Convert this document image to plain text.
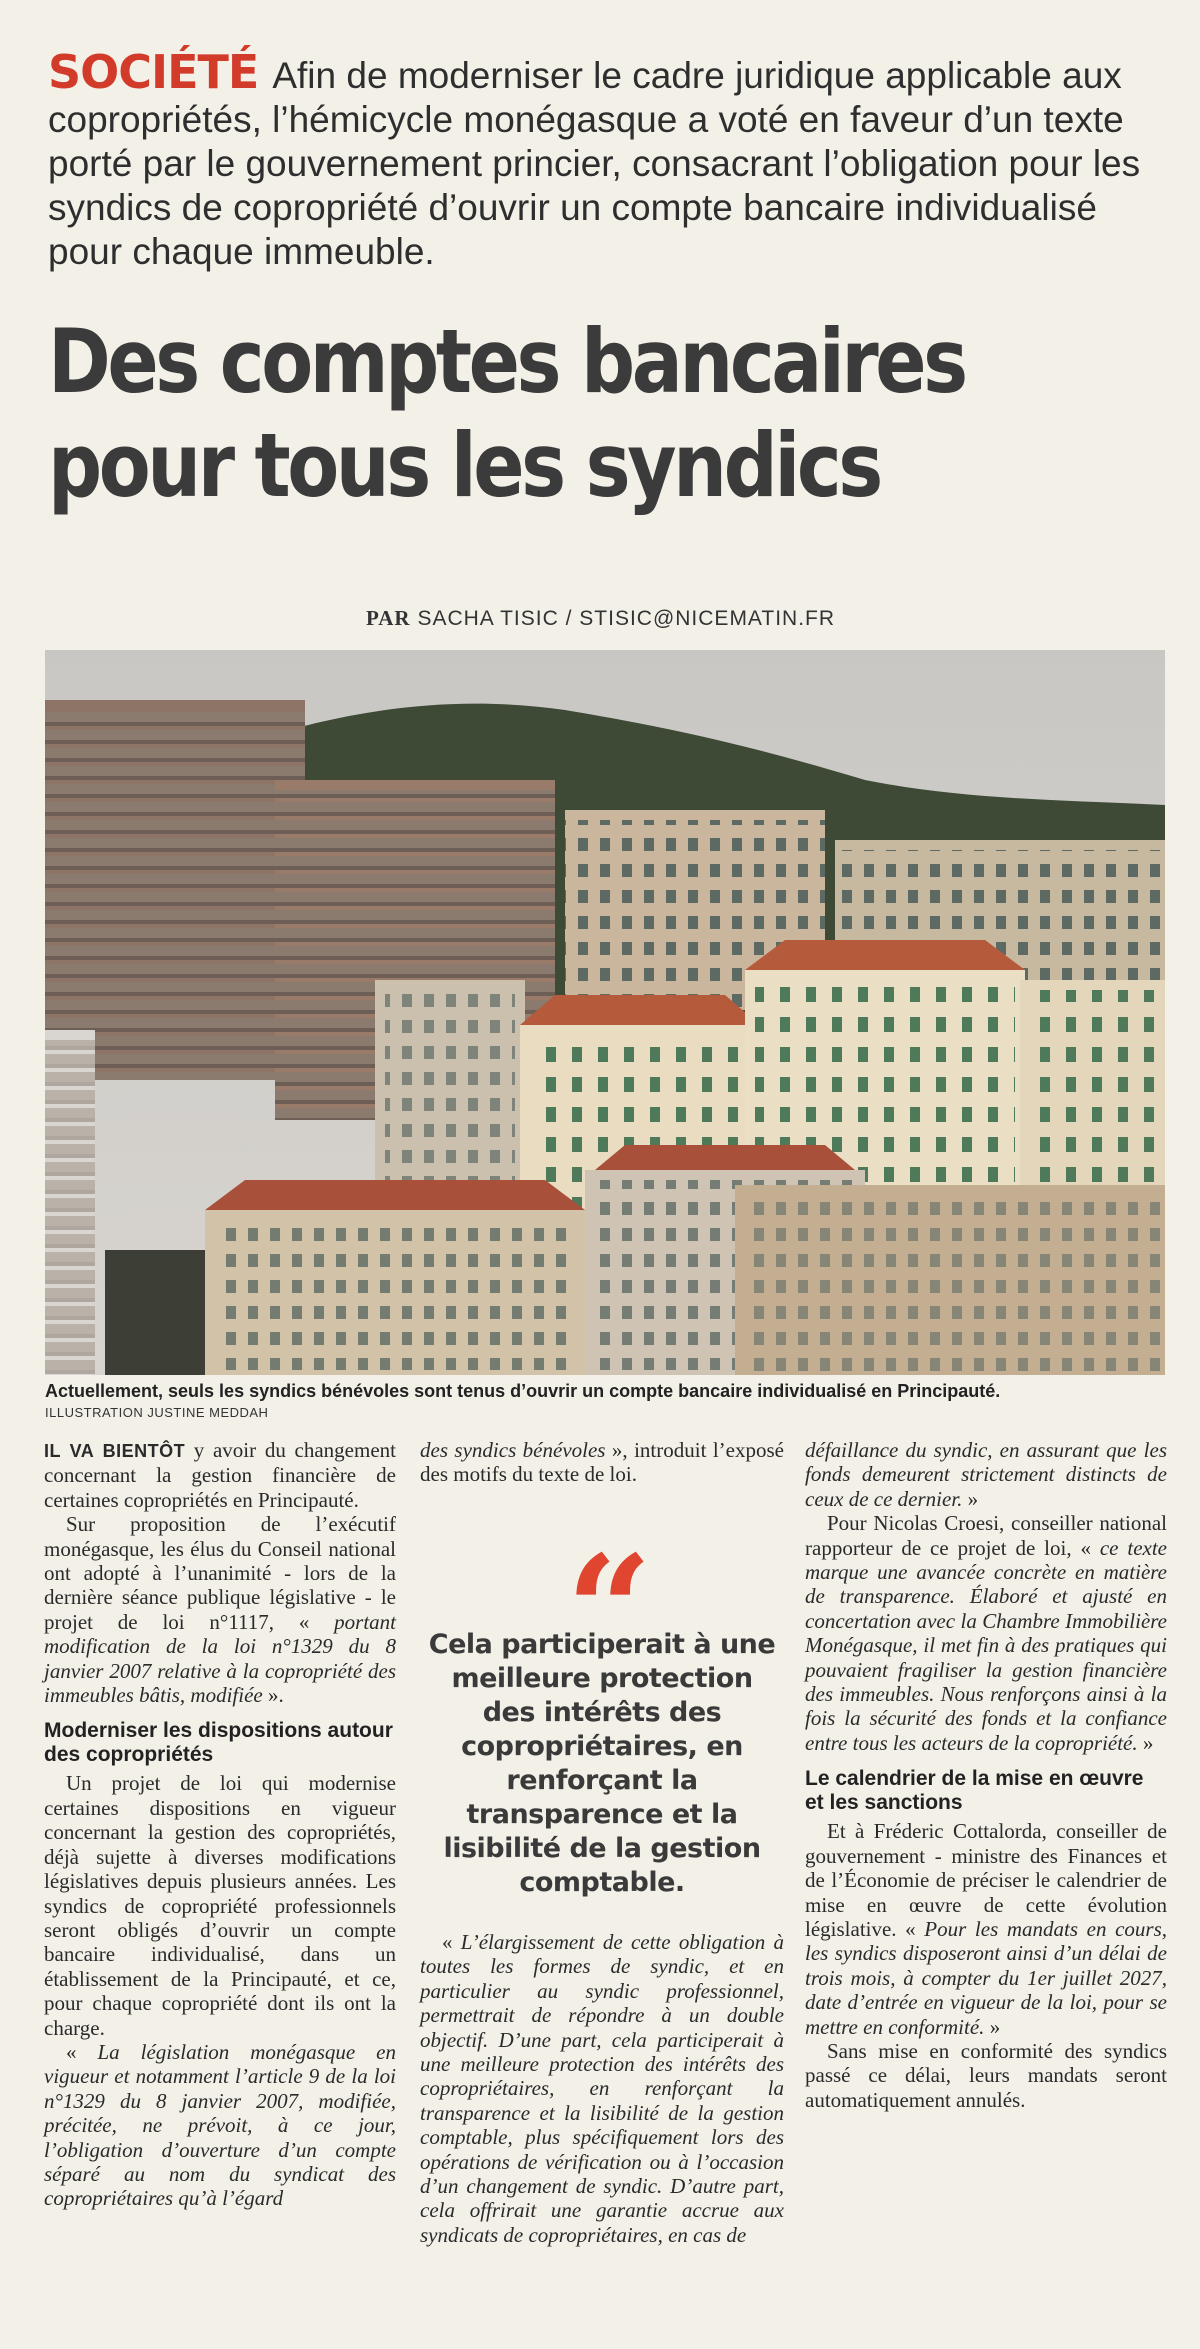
SOCIÉTÉ Afin de moderniser le cadre juridique applicable aux copropriétés, l’hémicycle monégasque a voté en faveur d’un texte porté par le gouvernement princier, consacrant l’obligation pour les syndics de copropriété d’ouvrir un compte bancaire individualisé pour chaque immeuble.
Des comptes bancaires
pour tous les syndics
PAR SACHA TISIC / STISIC@NICEMATIN.FR
Actuellement, seuls les syndics bénévoles sont tenus d’ouvrir un compte bancaire individualisé en Principauté.
ILLUSTRATION JUSTINE MEDDAH

IL VA BIENTÔT y avoir du changement concernant la gestion financière de certaines copropriétés en Principauté.

Sur proposition de l’exécutif monégasque, les élus du Conseil national ont adopté à l’unanimité - lors de la dernière séance publique législative - le projet de loi n°1117, « portant modification de la loi n°1329 du 8 janvier 2007 relative à la copropriété des immeubles bâtis, modifiée ».

Moderniser les dispositions autour des copropriétés

Un projet de loi qui modernise certaines dispositions en vigueur concernant la gestion des copropriétés, déjà sujette à diverses modifications législatives depuis plusieurs années. Les syndics de copropriété professionnels seront obligés d’ouvrir un compte bancaire individualisé, dans un établissement de la Principauté, et ce, pour chaque copropriété dont ils ont la charge.

« La législation monégasque en vigueur et notamment l’article 9 de la loi n°1329 du 8 janvier 2007, modifiée, précitée, ne prévoit, à ce jour, l’obligation d’ouverture d’un compte séparé au nom du syndicat des copropriétaires qu’à l’égard

des syndics bénévoles », introduit l’exposé des motifs du texte de loi.

“
Cela participerait à une meilleure protection des intérêts des copropriétaires, en renforçant la transparence et la lisibilité de la gestion comptable.

« L’élargissement de cette obligation à toutes les formes de syndic, et en particulier au syndic professionnel, permettrait de répondre à un double objectif. D’une part, cela participerait à une meilleure protection des intérêts des copropriétaires, en renforçant la transparence et la lisibilité de la gestion comptable, plus spécifiquement lors des opérations de vérification ou à l’occasion d’un changement de syndic. D’autre part, cela offrirait une garantie accrue aux syndicats de copropriétaires, en cas de

défaillance du syndic, en assurant que les fonds demeurent strictement distincts de ceux de ce dernier. »

Pour Nicolas Croesi, conseiller national rapporteur de ce projet de loi, « ce texte marque une avancée concrète en matière de transparence. Élaboré et ajusté en concertation avec la Chambre Immobilière Monégasque, il met fin à des pratiques qui pouvaient fragiliser la gestion financière des immeubles. Nous renforçons ainsi à la fois la sécurité des fonds et la confiance entre tous les acteurs de la copropriété. »

Le calendrier de la mise en œuvre et les sanctions

Et à Fréderic Cottalorda, conseiller de gouvernement - ministre des Finances et de l’Économie de préciser le calendrier de mise en œuvre de cette évolution législative. « Pour les mandats en cours, les syndics disposeront ainsi d’un délai de trois mois, à compter du 1er juillet 2027, date d’entrée en vigueur de la loi, pour se mettre en conformité. »

Sans mise en conformité des syndics passé ce délai, leurs mandats seront automatiquement annulés.
